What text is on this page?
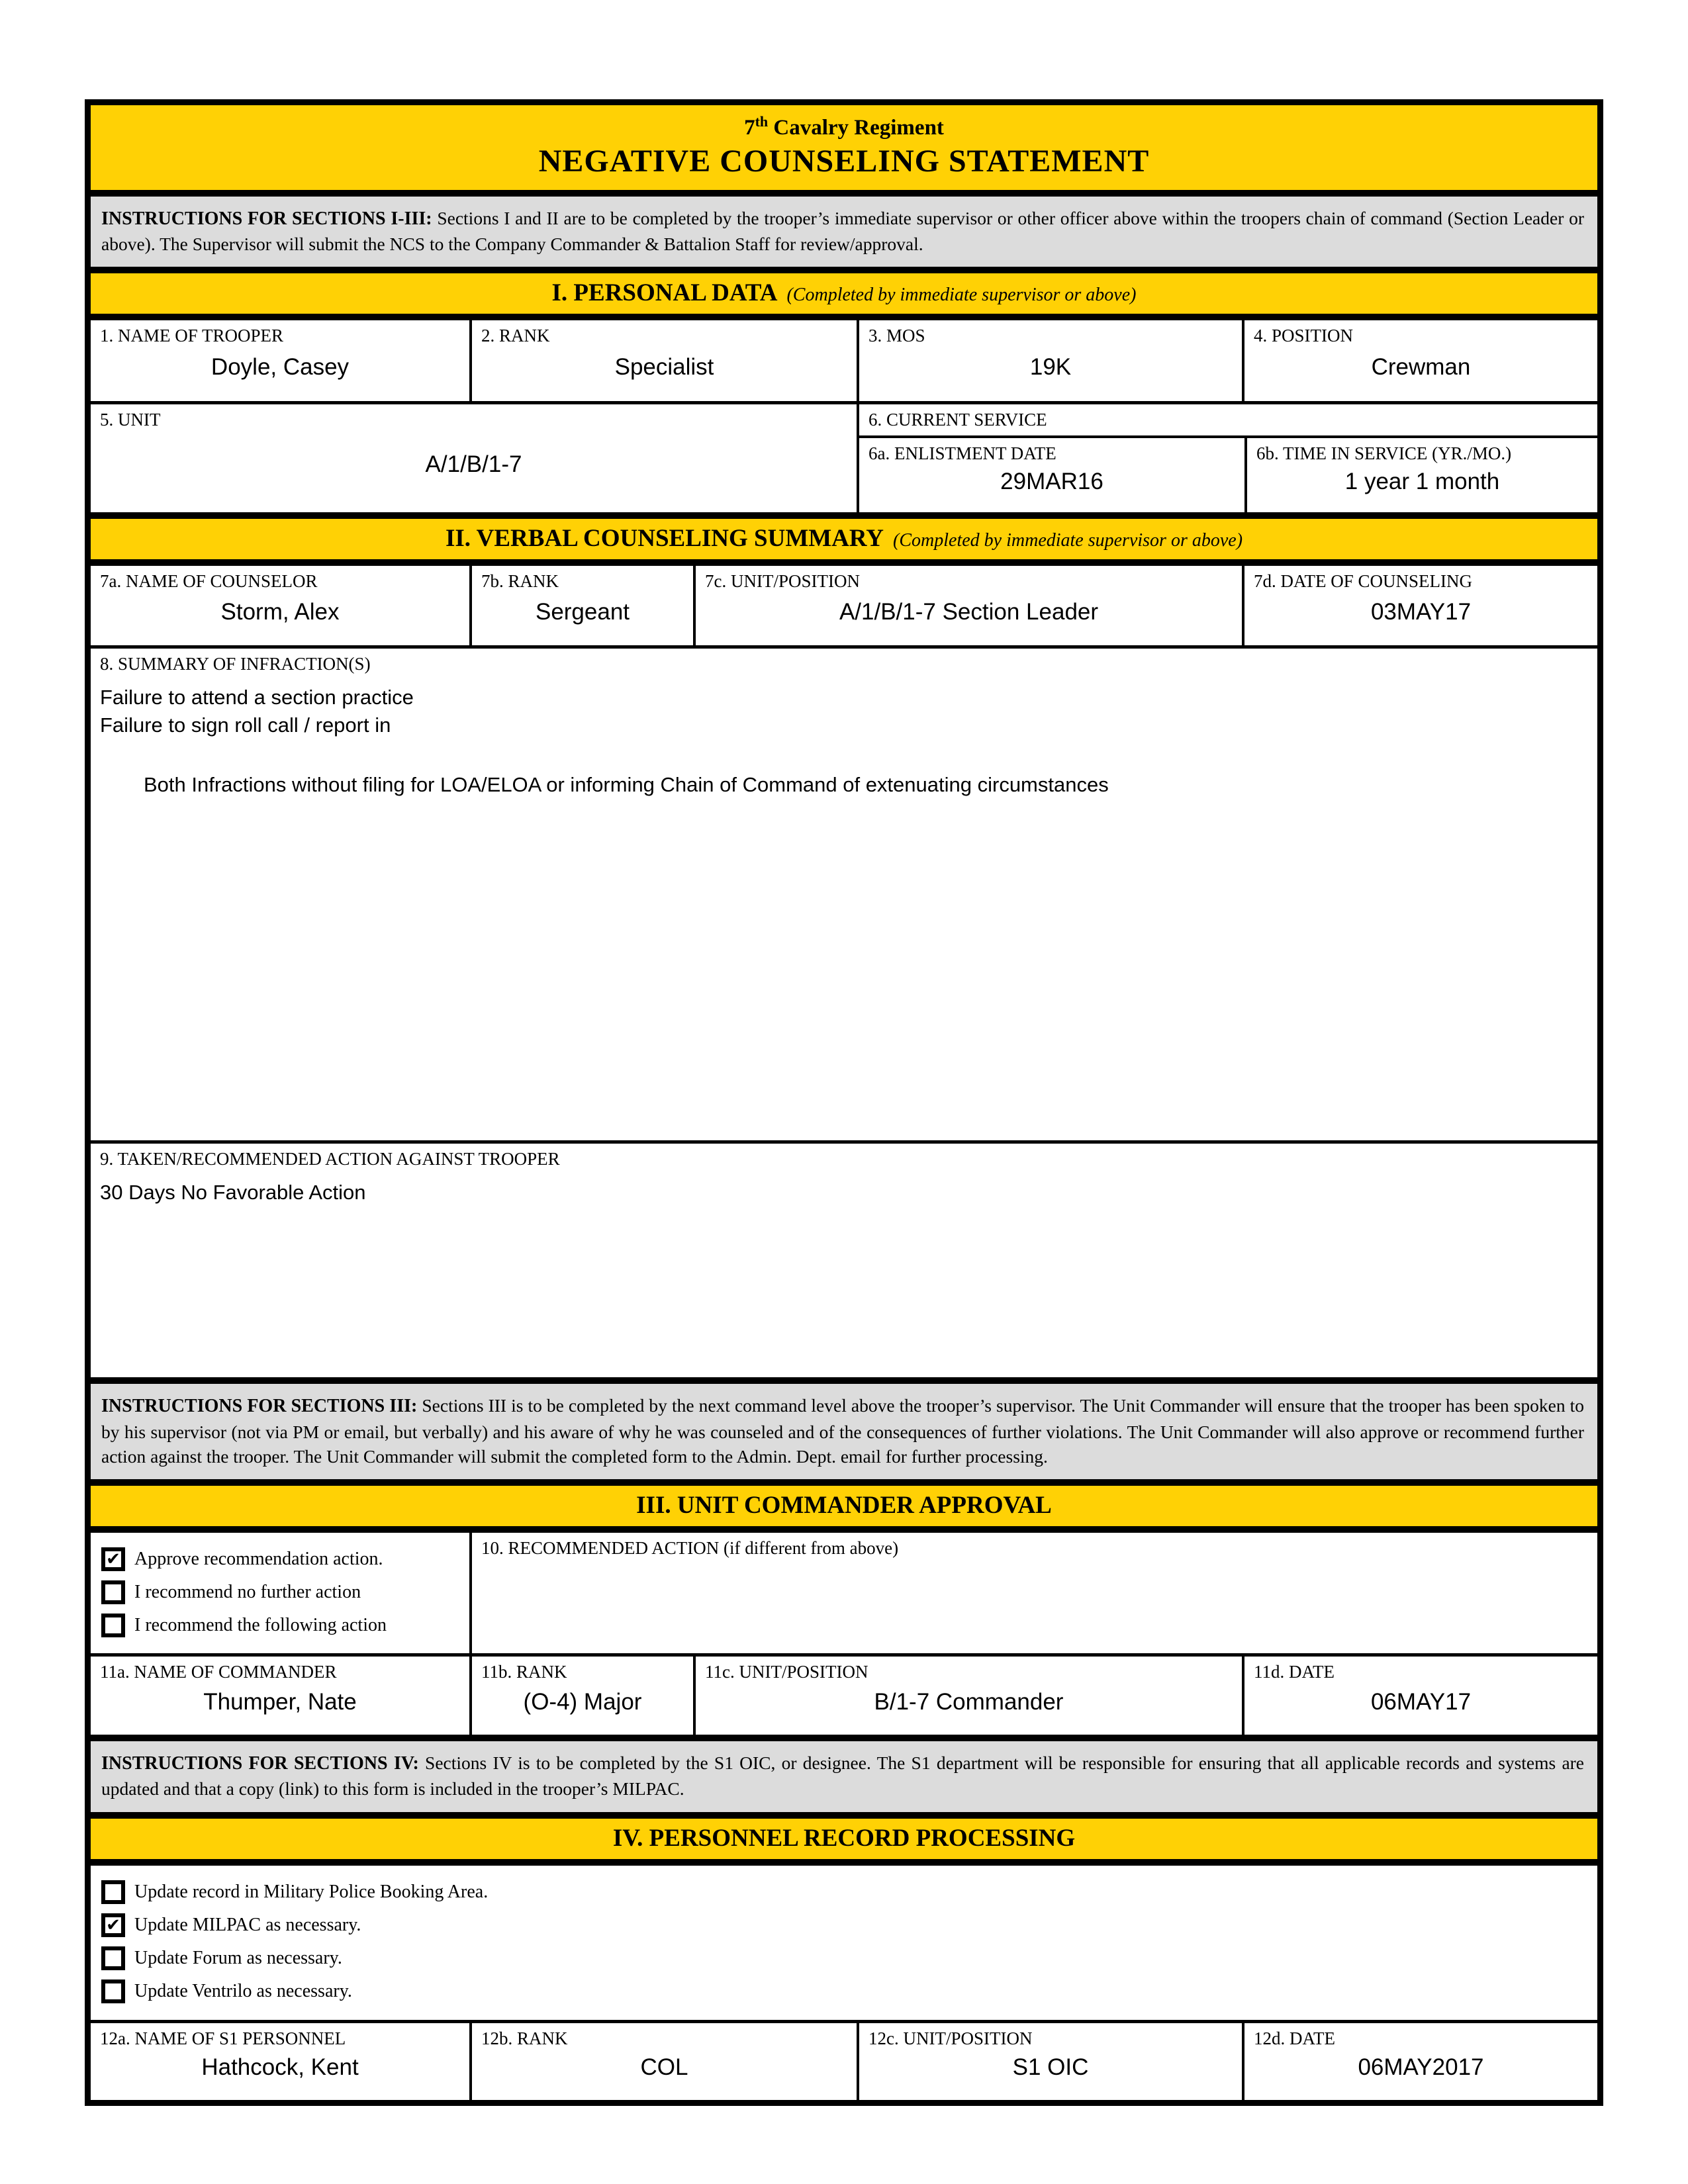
7th Cavalry Regiment
NEGATIVE COUNSELING STATEMENT
INSTRUCTIONS FOR SECTIONS I-III: Sections I and II are to be completed by the trooper’s immediate supervisor or other officer above within the troopers chain of command (Section Leader or above). The Supervisor will submit the NCS to the Company Commander & Battalion Staff for review/approval.
I. PERSONAL DATA (Completed by immediate supervisor or above)
1. NAME OF TROOPER
Doyle, Casey
2. RANK
Specialist
3. MOS
19K
4. POSITION
Crewman
5. UNIT
A/1/B/1-7
6. CURRENT SERVICE
6a. ENLISTMENT DATE
29MAR16
6b. TIME IN SERVICE (YR./MO.)
1 year 1 month
II. VERBAL COUNSELING SUMMARY (Completed by immediate supervisor or above)
7a. NAME OF COUNSELOR
Storm, Alex
7b. RANK
Sergeant
7c. UNIT/POSITION
A/1/B/1-7 Section Leader
7d. DATE OF COUNSELING
03MAY17
8. SUMMARY OF INFRACTION(S)
Failure to attend a section practice
Failure to sign roll call / report in
Both Infractions without filing for LOA/ELOA or informing Chain of Command of extenuating circumstances
9. TAKEN/RECOMMENDED ACTION AGAINST TROOPER
30 Days No Favorable Action
INSTRUCTIONS FOR SECTIONS III: Sections III is to be completed by the next command level above the trooper’s supervisor. The Unit Commander will ensure that the trooper has been spoken to by his supervisor (not via PM or email, but verbally) and his aware of why he was counseled and of the consequences of further violations. The Unit Commander will also approve or recommend further action against the trooper. The Unit Commander will submit the completed form to the Admin. Dept. email for further processing.
III. UNIT COMMANDER APPROVAL
✔ Approve recommendation action.
I recommend no further action
I recommend the following action
10. RECOMMENDED ACTION (if different from above)
11a. NAME OF COMMANDER
Thumper, Nate
11b. RANK
(O-4) Major
11c. UNIT/POSITION
B/1-7 Commander
11d. DATE
06MAY17
INSTRUCTIONS FOR SECTIONS IV: Sections IV is to be completed by the S1 OIC, or designee. The S1 department will be responsible for ensuring that all applicable records and systems are updated and that a copy (link) to this form is included in the trooper’s MILPAC.
IV. PERSONNEL RECORD PROCESSING
Update record in Military Police Booking Area.
✔ Update MILPAC as necessary.
Update Forum as necessary.
Update Ventrilo as necessary.
12a. NAME OF S1 PERSONNEL
Hathcock, Kent
12b. RANK
COL
12c. UNIT/POSITION
S1 OIC
12d. DATE
06MAY2017
